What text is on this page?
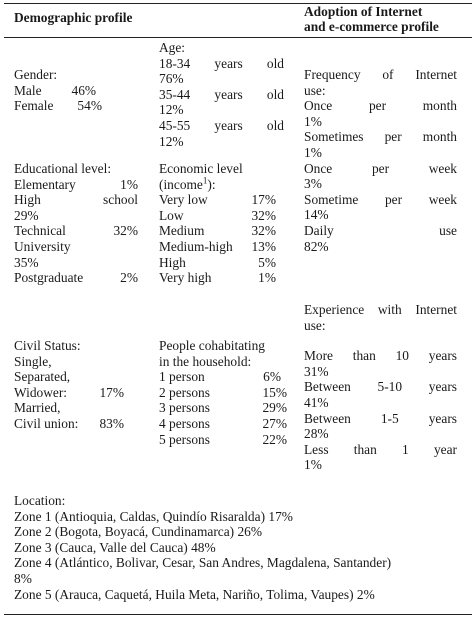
Demographic profile	Adoption of Internet
and e-commerce profile
Gender:
Male 46%
Female 54%
Age:
18-34 years old
76%
35-44 years old
12%
45-55 years old
12%
Frequency of Internet
use:
Once per month
1%
Sometimes per month
1%
Once per week
3%
Sometime per week
14%
Daily use
82%
Educational level:
Elementary	1%
High school
29%
Technical	32%
University
35%
Postgraduate	2%
Economic level
(income$^1$):
Very low	17%
Low	32%
Medium	32%
Medium-high 13%
High	5%
Very high	1%
Experience with Internet
use:
More than 10 years
31%
Between 5-10 years
41%
Between 1-5 years
28%
Less than 1 year
1%
Civil Status:
Single,
Separated,
Widower: 17%
Married,
Civil union: 83%
People cohabitating
in the household:
1 person	6%
2 persons	15%
3 persons	29%
4 persons	27%
5 persons	22%
Location:
Zone 1 (Antioquia, Caldas, Quindío Risaralda) 17%
Zone 2 (Bogota, Boyacá, Cundinamarca) 26%
Zone 3 (Cauca, Valle del Cauca) 48%
Zone 4 (Atlántico, Bolivar, Cesar, San Andres, Magdalena, Santander)
8%
Zone 5 (Arauca, Caquetá, Huila Meta, Nariño, Tolima, Vaupes) 2%
